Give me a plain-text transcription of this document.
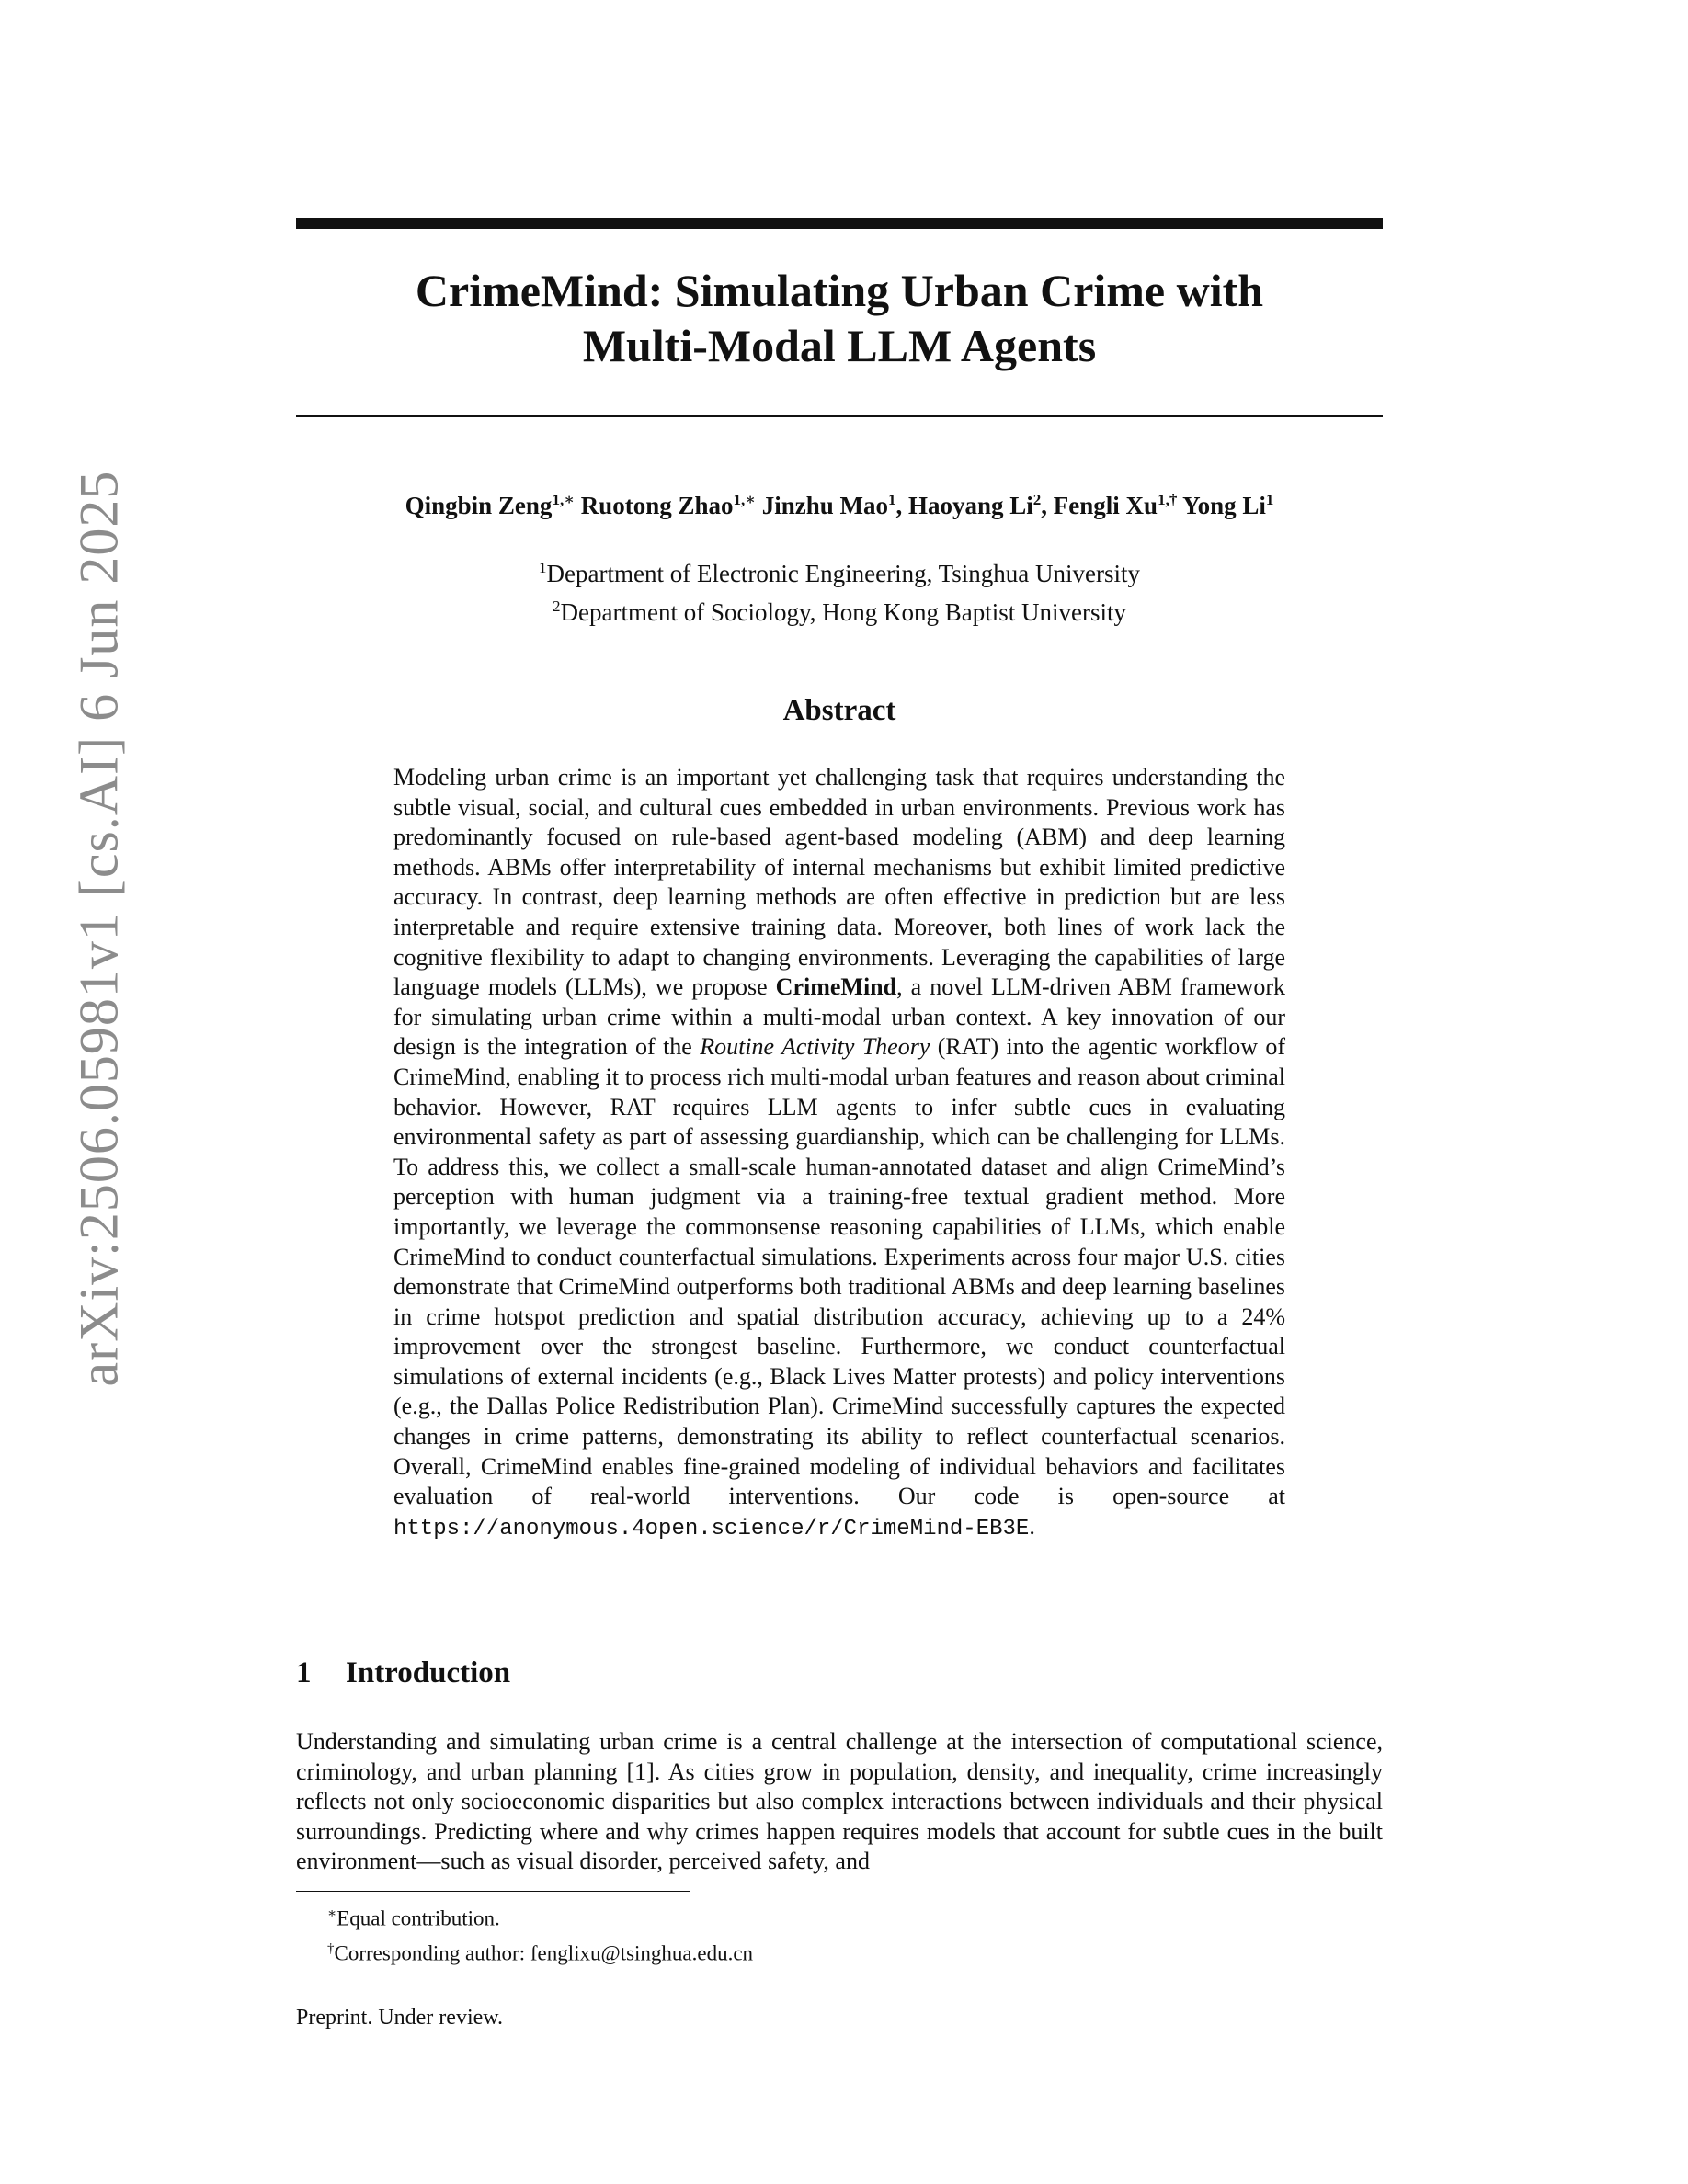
arXiv:2506.05981v1 [cs.AI] 6 Jun 2025
CrimeMind: Simulating Urban Crime with
Multi-Modal LLM Agents
Qingbin Zeng$^{1,∗}$ Ruotong Zhao$^{1,∗}$ Jinzhu Mao$^1$, Haoyang Li$^2$, Fengli $Xu^{1,\dagger}$ Yong Li$^1$
$^1$Department of Electronic Engineering, Tsinghua University
$^2$Department of Sociology, Hong Kong Baptist University
Abstract

Modeling urban crime is an important yet challenging task that requires understanding the subtle visual, social, and cultural cues embedded in urban environments. Previous work has predominantly focused on rule-based agent-based modeling (ABM) and deep learning methods. ABMs offer interpretability of internal mechanisms but exhibit limited predictive accuracy. In contrast, deep learning methods are often effective in prediction but are less interpretable and require extensive training data. Moreover, both lines of work lack the cognitive flexibility to adapt to changing environments. Leveraging the capabilities of large language models (LLMs), we propose CrimeMind, a novel LLM-driven ABM framework for simulating urban crime within a multi-modal urban context. A key innovation of our design is the integration of the Routine Activity Theory (RAT) into the agentic workflow of CrimeMind, enabling it to process rich multi-modal urban features and reason about criminal behavior. However, RAT requires LLM agents to infer subtle cues in evaluating environmental safety as part of assessing guardianship, which can be challenging for LLMs. To address this, we collect a small-scale human-annotated dataset and align CrimeMind’s perception with human judgment via a training-free textual gradient method. More importantly, we leverage the commonsense reasoning capabilities of LLMs, which enable CrimeMind to conduct counterfactual simulations. Experiments across four major U.S. cities demonstrate that CrimeMind outperforms both traditional ABMs and deep learning baselines in crime hotspot prediction and spatial distribution accuracy, achieving up to a 24% improvement over the strongest baseline. Furthermore, we conduct counterfactual simulations of external incidents (e.g., Black Lives Matter protests) and policy interventions (e.g., the Dallas Police Redistribution Plan). CrimeMind successfully captures the expected changes in crime patterns, demonstrating its ability to reflect counterfactual scenarios. Overall, CrimeMind enables fine-grained modeling of individual behaviors and facilitates evaluation of real-world interventions. Our code is open-source at https://anonymous.4open.science/r/CrimeMind-EB3E.

1 Introduction

Understanding and simulating urban crime is a central challenge at the intersection of computational science, criminology, and urban planning [1]. As cities grow in population, density, and inequality, crime increasingly reflects not only socioeconomic disparities but also complex interactions between individuals and their physical surroundings. Predicting where and why crimes happen requires models that account for subtle cues in the built environment—such as visual disorder, perceived safety, and

∗Equal contribution.
†Corresponding author: fenglixu@tsinghua.edu.cn
Preprint. Under review.
